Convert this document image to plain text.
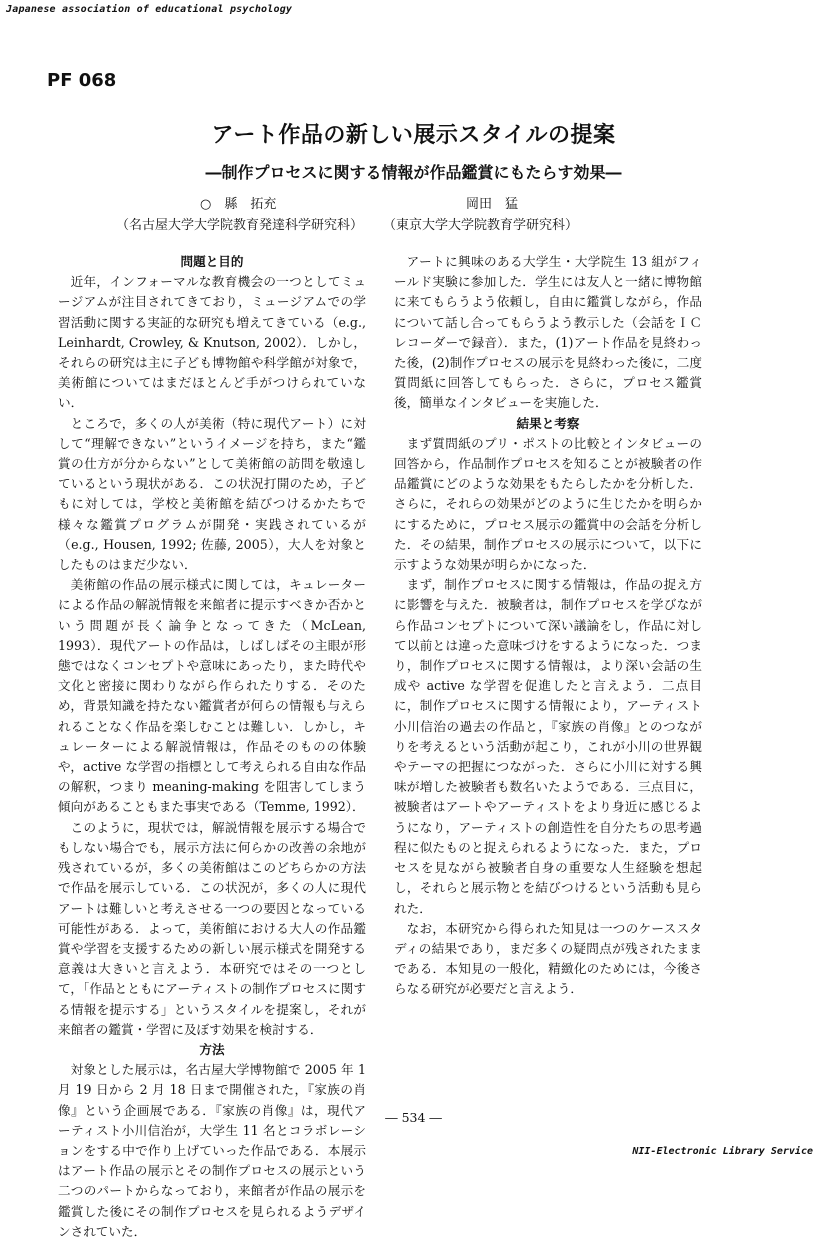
Japanese association of educational psychology
PF 068
アート作品の新しい展示スタイルの提案
―制作プロセスに関する情報が作品鑑賞にもたらす効果―
○　縣　拓充	岡田　猛
（名古屋大学大学院教育発達科学研究科） （東京大学大学院教育学研究科）
問題と目的

近年，インフォーマルな教育機会の一つとしてミュージアムが注目されてきており，ミュージアムでの学習活動に関する実証的な研究も増えてきている（e.g., Leinhardt, Crowley, & Knutson, 2002）．しかし，それらの研究は主に子ども博物館や科学館が対象で，美術館についてはまだほとんど手がつけられていない．

ところで，多くの人が美術（特に現代アート）に対して“理解できない”というイメージを持ち，また“鑑賞の仕方が分からない”として美術館の訪問を敬遠しているという現状がある．この状況打開のため，子どもに対しては，学校と美術館を結びつけるかたちで様々な鑑賞プログラムが開発・実践されているが（e.g., Housen, 1992; 佐藤, 2005），大人を対象としたものはまだ少ない．

美術館の作品の展示様式に関しては，キュレーターによる作品の解説情報を来館者に提示すべきか否かという問題が長く論争となってきた（McLean, 1993）．現代アートの作品は，しばしばその主眼が形態ではなくコンセプトや意味にあったり，また時代や文化と密接に関わりながら作られたりする．そのため，背景知識を持たない鑑賞者が何らの情報も与えられることなく作品を楽しむことは難しい．しかし，キュレーターによる解説情報は，作品そのものの体験や，active な学習の指標として考えられる自由な作品の解釈，つまり meaning-making を阻害してしまう傾向があることもまた事実である（Temme, 1992）．

このように，現状では，解説情報を展示する場合でもしない場合でも，展示方法に何らかの改善の余地が残されているが，多くの美術館はこのどちらかの方法で作品を展示している．この状況が，多くの人に現代アートは難しいと考えさせる一つの要因となっている可能性がある．よって，美術館における大人の作品鑑賞や学習を支援するための新しい展示様式を開発する意義は大きいと言えよう．本研究ではその一つとして，「作品とともにアーティストの制作プロセスに関する情報を提示する」というスタイルを提案し，それが来館者の鑑賞・学習に及ぼす効果を検討する．

方法

対象とした展示は，名古屋大学博物館で 2005 年 1 月 19 日から 2 月 18 日まで開催された，『家族の肖像』という企画展である．『家族の肖像』は，現代アーティスト小川信治が，大学生 11 名とコラボレーションをする中で作り上げていった作品である．本展示はアート作品の展示とその制作プロセスの展示という二つのパートからなっており，来館者が作品の展示を鑑賞した後にその制作プロセスを見られるようデザインされていた．

アートに興味のある大学生・大学院生 13 組がフィールド実験に参加した．学生には友人と一緒に博物館に来てもらうよう依頼し，自由に鑑賞しながら，作品について話し合ってもらうよう教示した（会話をＩＣレコーダーで録音）．また，(1)アート作品を見終わった後，(2)制作プロセスの展示を見終わった後に，二度質問紙に回答してもらった．さらに，プロセス鑑賞後，簡単なインタビューを実施した．

結果と考察

まず質問紙のプリ・ポストの比較とインタビューの回答から，作品制作プロセスを知ることが被験者の作品鑑賞にどのような効果をもたらしたかを分析した．さらに，それらの効果がどのように生じたかを明らかにするために，プロセス展示の鑑賞中の会話を分析した．その結果，制作プロセスの展示について，以下に示すような効果が明らかになった．

まず，制作プロセスに関する情報は，作品の捉え方に影響を与えた．被験者は，制作プロセスを学びながら作品コンセプトについて深い議論をし，作品に対して以前とは違った意味づけをするようになった．つまり，制作プロセスに関する情報は，より深い会話の生成や active な学習を促進したと言えよう．二点目に，制作プロセスに関する情報により，アーティスト小川信治の過去の作品と，『家族の肖像』とのつながりを考えるという活動が起こり，これが小川の世界観やテーマの把握につながった．さらに小川に対する興味が増した被験者も数名いたようである．三点目に，被験者はアートやアーティストをより身近に感じるようになり，アーティストの創造性を自分たちの思考過程に似たものと捉えられるようになった．また，プロセスを見ながら被験者自身の重要な人生経験を想起し，それらと展示物とを結びつけるという活動も見られた．

なお，本研究から得られた知見は一つのケーススタディの結果であり，まだ多くの疑問点が残されたままである．本知見の一般化，精緻化のためには，今後さらなる研究が必要だと言えよう．

― 534 ―
NII-Electronic Library Service
